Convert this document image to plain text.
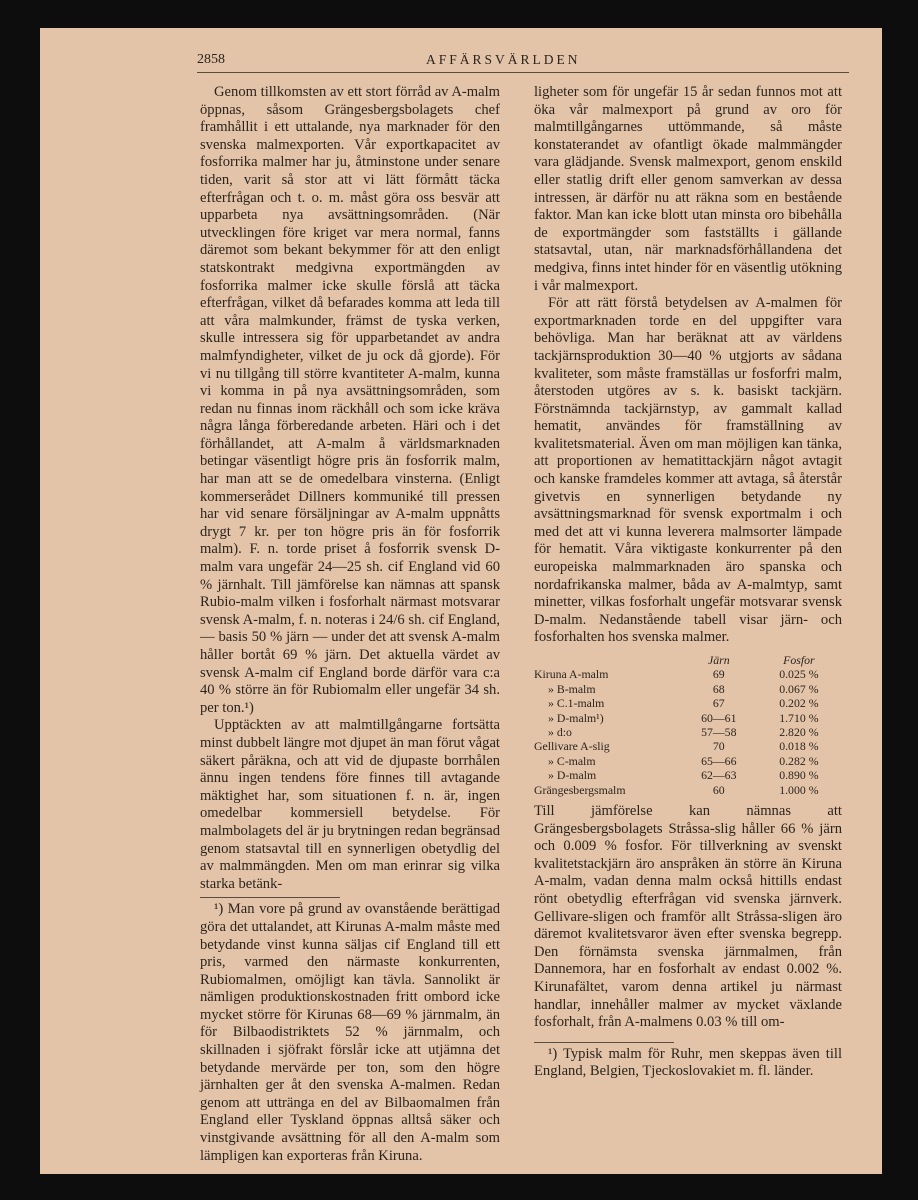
2858	AFFÄRSVÄRLDEN

Genom tillkomsten av ett stort förråd av A-malm öppnas, såsom Grängesbergsbolagets chef framhållit i ett uttalande, nya marknader för den svenska malmexporten. Vår exportkapacitet av fosforrika malmer har ju, åtminstone under senare tiden, varit så stor att vi lätt förmått täcka efterfrågan och t. o. m. måst göra oss besvär att upparbeta nya avsättningsområden. (När utvecklingen före kriget var mera normal, fanns däremot som bekant bekymmer för att den enligt statskontrakt medgivna exportmängden av fosforrika malmer icke skulle förslå att täcka efterfrågan, vilket då befarades komma att leda till att våra malmkunder, främst de tyska verken, skulle intressera sig för upparbetandet av andra malmfyndigheter, vilket de ju ock då gjorde). För vi nu tillgång till större kvantiteter A-malm, kunna vi komma in på nya avsättningsområden, som redan nu finnas inom räckhåll och som icke kräva några långa förberedande arbeten. Häri och i det förhållandet, att A-malm å världsmarknaden betingar väsentligt högre pris än fosforrik malm, har man att se de omedelbara vinsterna. (Enligt kommerserådet Dillners kommuniké till pressen har vid senare försäljningar av A-malm uppnåtts drygt 7 kr. per ton högre pris än för fosforrik malm). F. n. torde priset å fosforrik svensk D-malm vara ungefär 24—25 sh. cif England vid 60 % järnhalt. Till jämförelse kan nämnas att spansk Rubio-malm vilken i fosforhalt närmast motsvarar svensk A-malm, f. n. noteras i 24/6 sh. cif England, — basis 50 % järn — under det att svensk A-malm håller bortåt 69 % järn. Det aktuella värdet av svensk A-malm cif England borde därför vara c:a 40 % större än för Rubiomalm eller ungefär 34 sh. per ton.¹)

Upptäckten av att malmtillgångarne fortsätta minst dubbelt längre mot djupet än man förut vågat säkert påräkna, och att vid de djupaste borrhålen ännu ingen tendens före finnes till avtagande mäktighet har, som situationen f. n. är, ingen omedelbar kommersiell betydelse. För malmbolagets del är ju brytningen redan begränsad genom statsavtal till en synnerligen obetydlig del av malmmängden. Men om man erinrar sig vilka starka betänk-

¹) Man vore på grund av ovanstående berättigad göra det uttalandet, att Kirunas A-malm måste med betydande vinst kunna säljas cif England till ett pris, varmed den närmaste konkurrenten, Rubiomalmen, omöjligt kan tävla. Sannolikt är nämligen produktionskostnaden fritt ombord icke mycket större för Kirunas 68—69 % järnmalm, än för Bilbaodistriktets 52 % järnmalm, och skillnaden i sjöfrakt förslår icke att utjämna det betydande mervärde per ton, som den högre järnhalten ger åt den svenska A-malmen. Redan genom att utträngа en del av Bilbaomalmen från England eller Tyskland öppnas alltså säker och vinstgivande avsättning för all den A-malm som lämpligen kan exporteras från Kiruna.

ligheter som för ungefär 15 år sedan funnos mot att öka vår malmexport på grund av oro för malmtillgångarnes uttömmande, så måste konstaterandet av ofantligt ökade malmmängder vara glädjande. Svensk malmexport, genom enskild eller statlig drift eller genom samverkan av dessa intressen, är därför nu att räkna som en bestående faktor. Man kan icke blott utan minsta oro bibehålla de exportmängder som fastställts i gällande statsavtal, utan, när marknadsförhållandena det medgiva, finns intet hinder för en väsentlig utökning i vår malmexport.

För att rätt förstå betydelsen av A-malmen för exportmarknaden torde en del uppgifter vara behövliga. Man har beräknat att av världens tackjärnsproduktion 30—40 % utgjorts av sådana kvaliteter, som måste framställas ur fosforfri malm, återstoden utgöres av s. k. basiskt tackjärn. Förstnämnda tackjärnstyp, av gammalt kallad hematit, användes för framställning av kvalitetsmaterial. Även om man möjligen kan tänka, att proportionen av hematittackjärn något avtagit och kanske framdeles kommer att avtaga, så återstår givetvis en synnerligen betydande ny avsättningsmarknad för svensk exportmalm i och med det att vi kunna leverera malmsorter lämpade för hematit. Våra viktigaste konkurrenter på den europeiska malmmarknaden äro spanska och nordafrikanska malmer, båda av A-malmtyp, samt minetter, vilkas fosforhalt ungefär motsvarar svensk D-malm. Nedanstående tabell visar järn- och fosforhalten hos svenska malmer.

	Järn	Fosfor
Kiruna A-malm	69	0.025 %
» B-malm	68	0.067 %
» C.1-malm	67	0.202 %
» D-malm¹)	60—61	1.710 %
» d:o	57—58	2.820 %
Gellivare A-slig	70	0.018 %
» C-malm	65—66	0.282 %
» D-malm	62—63	0.890 %
Grängesbergsmalm	60	1.000 %

Till jämförelse kan nämnas att Grängesbergsbolagets Stråssa-slig håller 66 % järn och 0.009 % fosfor. För tillverkning av svenskt kvalitetstackjärn äro anspråken än större än Kiruna A-malm, vadan denna malm också hittills endast rönt obetydlig efterfrågan vid svenska järnverk. Gellivare-sligen och framför allt Stråssa-sligen äro däremot kvalitetsvaror även efter svenska begrepp. Den förnämsta svenska järnmalmen, från Dannemora, har en fosforhalt av endast 0.002 %. Kirunafältet, varom denna artikel ju närmast handlar, innehåller malmer av mycket växlande fosforhalt, från A-malmens 0.03 % till om-

¹) Typisk malm för Ruhr, men skeppas även till England, Belgien, Tjeckoslovakiet m. fl. länder.
